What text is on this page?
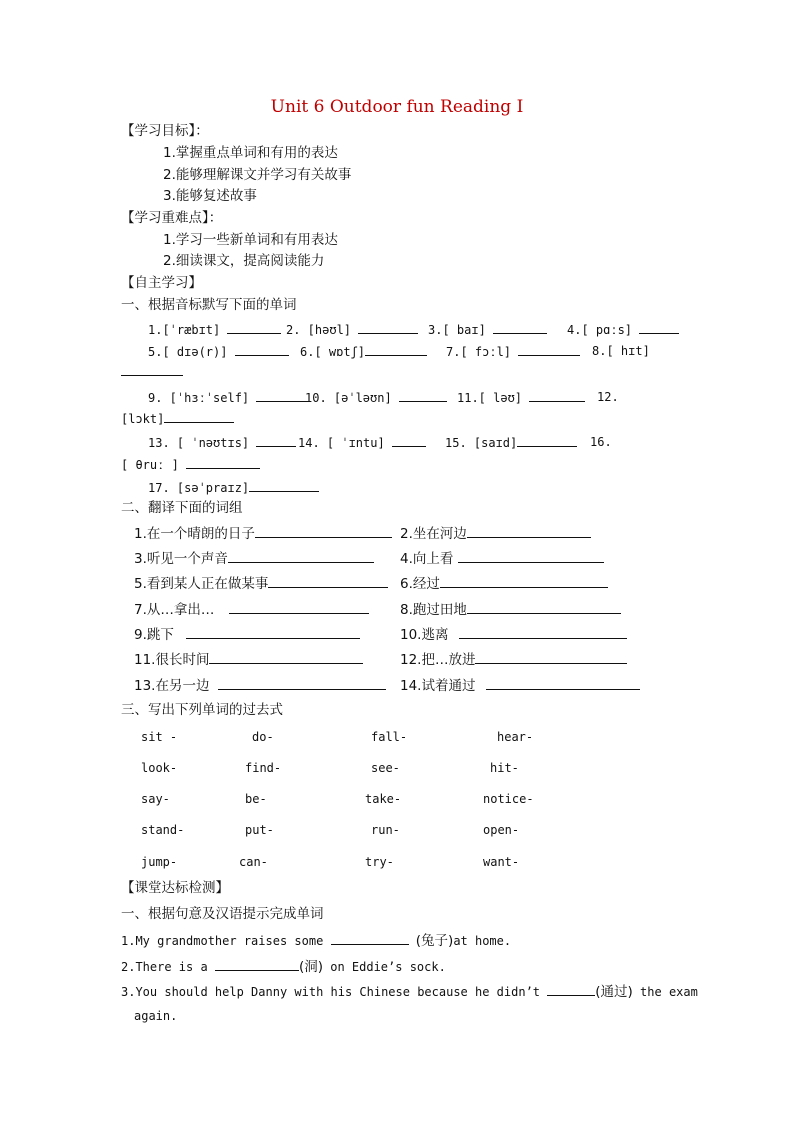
Unit 6 Outdoor fun Reading I
【学习目标】：
1.掌握重点单词和有用的表达
2.能够理解课文并学习有关故事
3.能够复述故事
【学习重难点】：
1.学习一些新单词和有用表达
2.细读课文，提高阅读能力
【自主学习】
一、根据音标默写下面的单词
1.[ˈræbɪt]	2. [həʊl]	3.[ baɪ]	4.[ pɑːs]
5.[ dɪə(r)]	6.[ wɒtʃ]	7.[ fɔːl]	8.[ hɪt]
9. [ˈhɜːˈself]	10. [əˈləʊn]	11.[ ləʊ]	12.
[lɔkt]
13. [ ˈnəʊtɪs]	14. [ ˈɪntu]	15. [saɪd]	16.
[ θruː ]
17. [səˈpraɪz]
二、翻译下面的词组
1.在一个晴朗的日子	2.坐在河边
3.听见一个声音	4.向上看
5.看到某人正在做某事	6.经过
7.从…拿出…	8.跑过田地
9.跳下	10.逃离
11.很长时间	12.把…放进
13.在另一边	14.试着通过
三、写出下列单词的过去式
sit -	do-	fall-	hear-
look-	find-	see-	hit-
say-	be-	take-	notice-
stand-	put-	run-	open-
jump-	can-	try-	want-
【课堂达标检测】
一、根据句意及汉语提示完成单词
1.My grandmother raises some	(兔子)at home.
2.There is a	(洞) on Eddie’s sock.
3.You should help Danny with his Chinese because he didn’t	(通过) the exam
again.
